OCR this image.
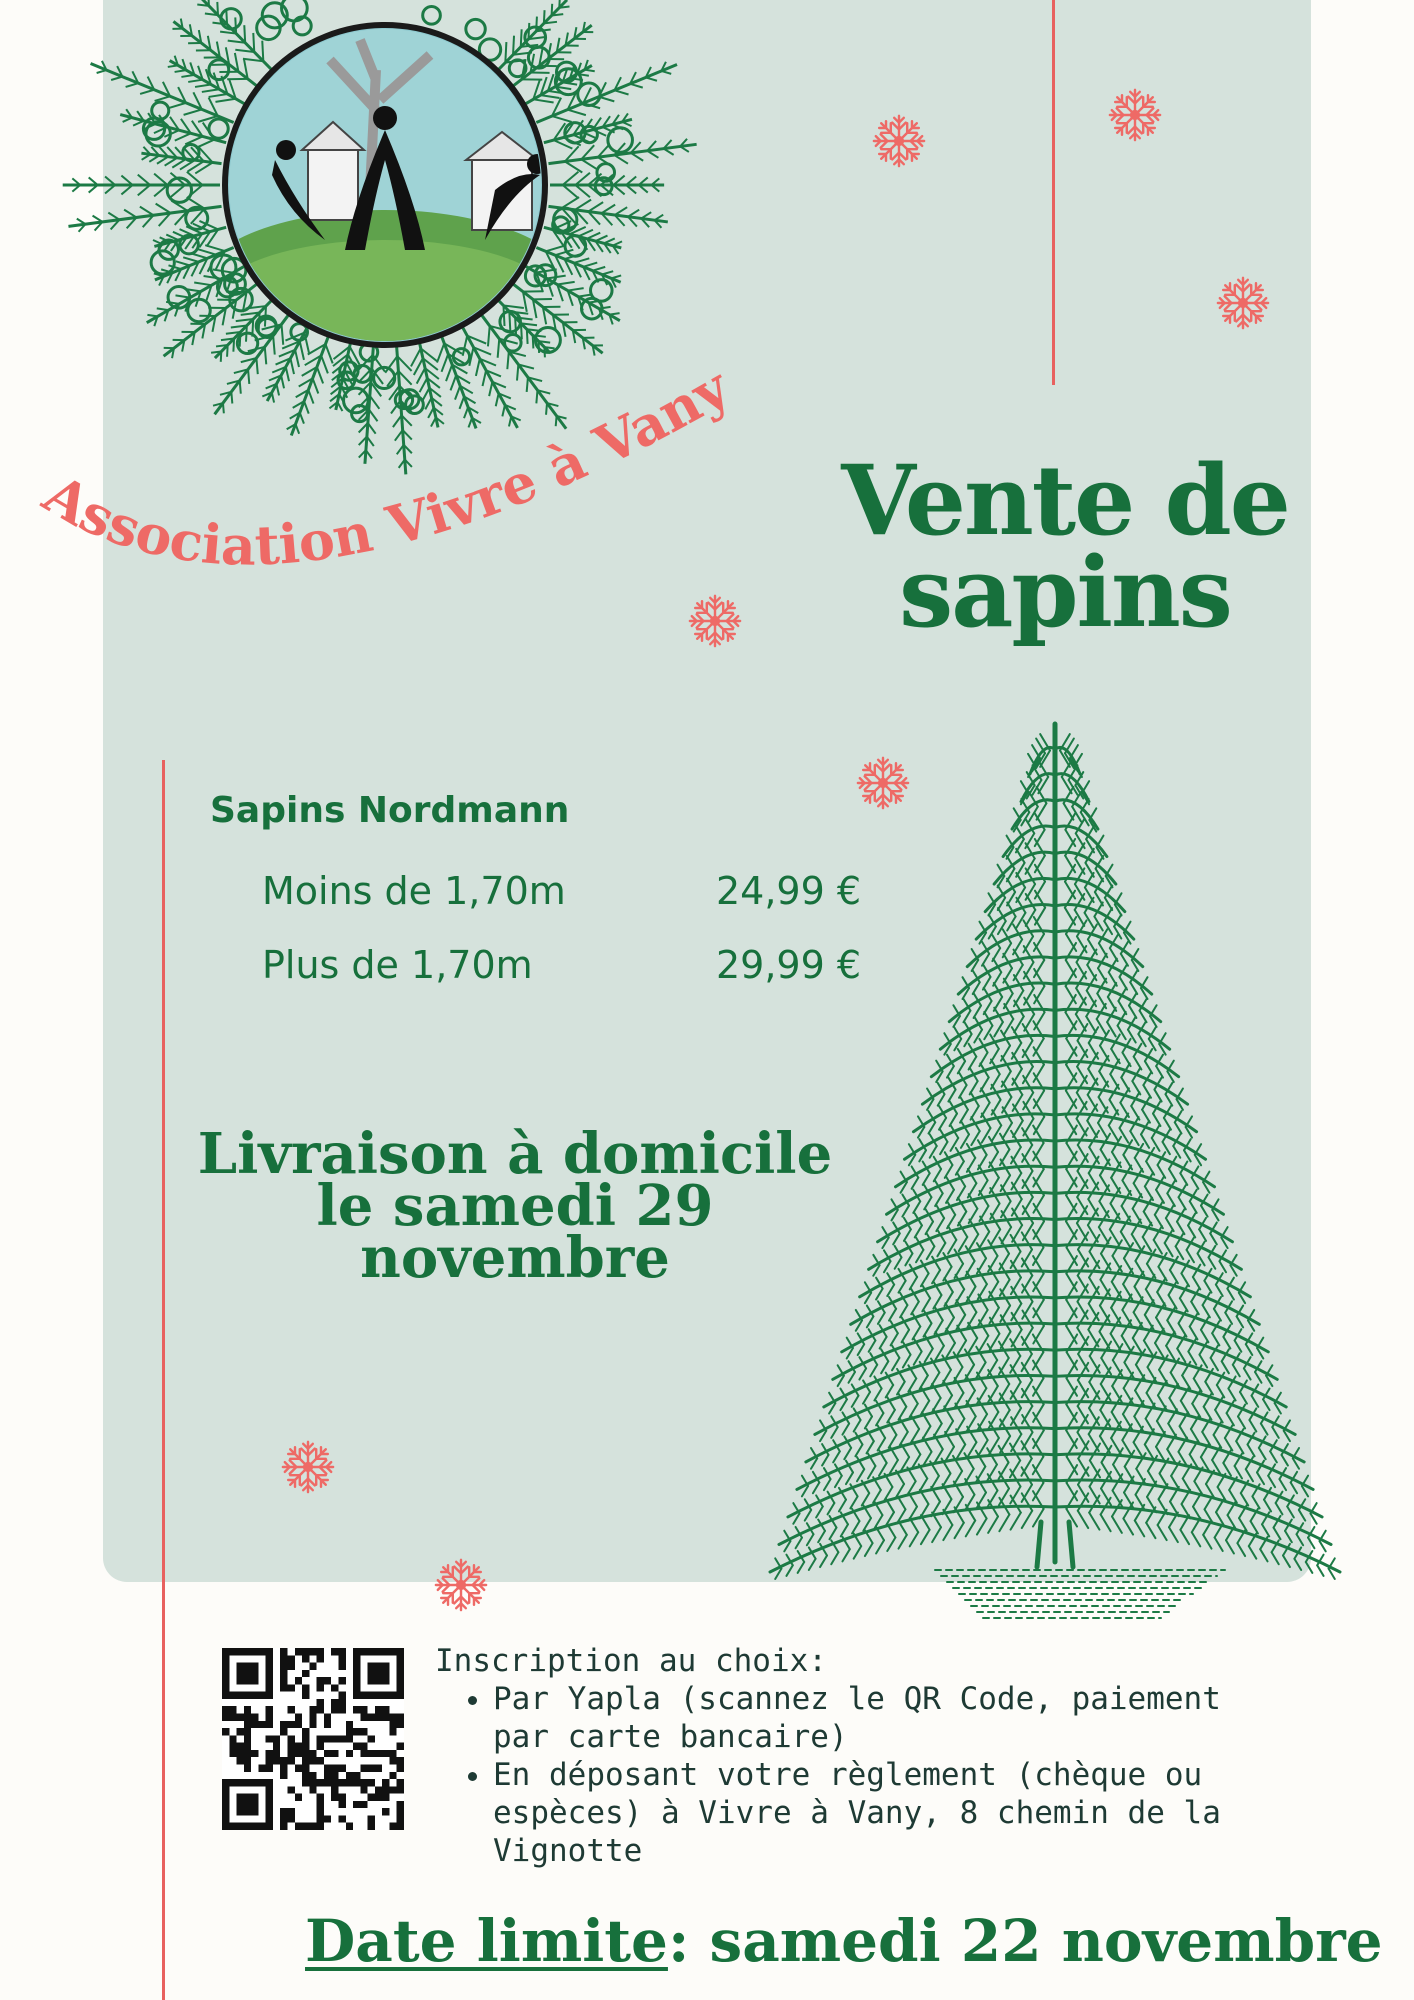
Association Vivre à Vany
Vente de
sapins
Sapins Nordmann
Moins de 1,70m	24,99 €
Plus de 1,70m	29,99 €
Livraison à domicile
le samedi 29
novembre
Inscription au choix:
• Par Yapla (scannez le QR Code, paiement par carte bancaire)
• En déposant votre règlement (chèque ou espèces) à Vivre à Vany, 8 chemin de la Vignotte
Date limite: samedi 22 novembre
